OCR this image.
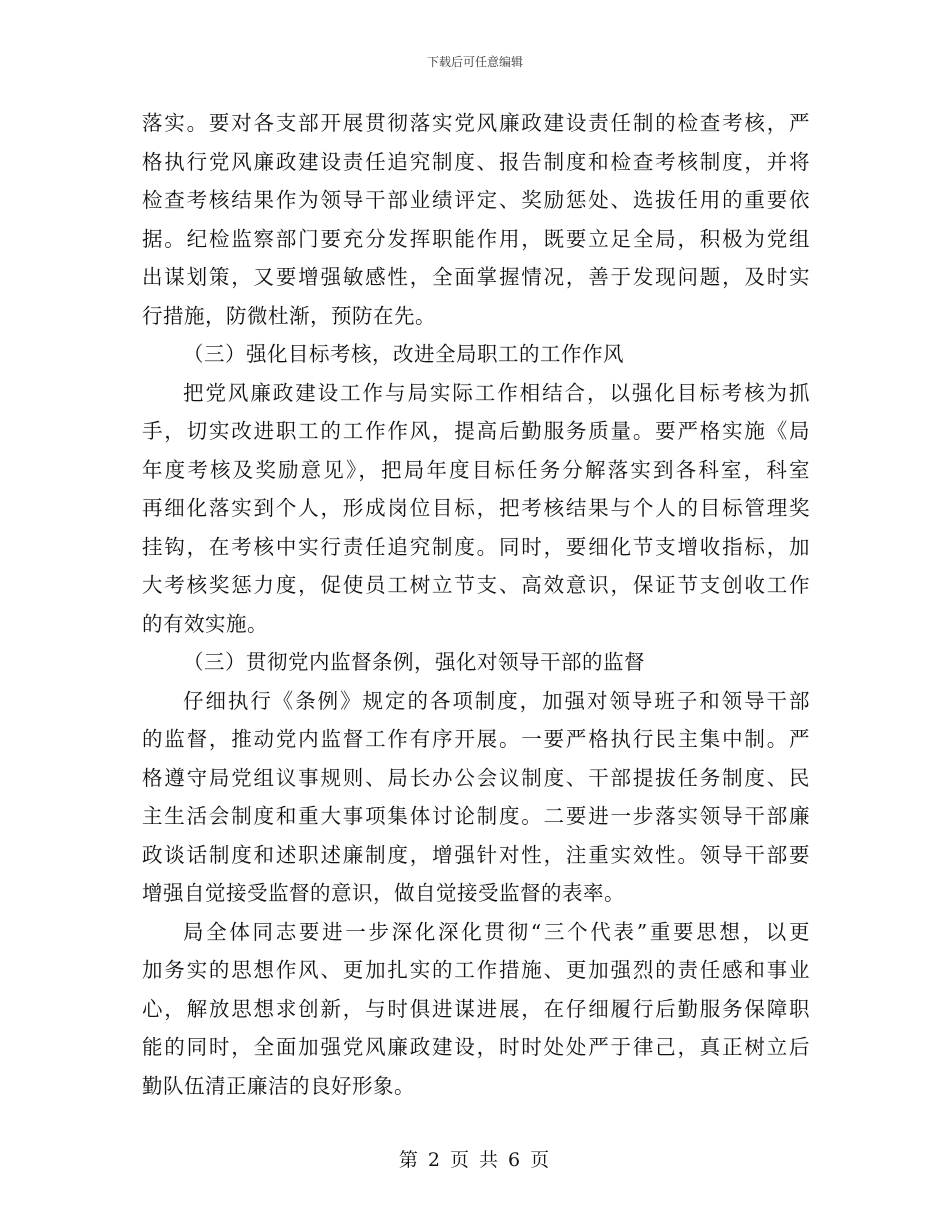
下载后可任意编辑
落实。要对各支部开展贯彻落实党风廉政建设责任制的检查考核，严
格执行党风廉政建设责任追究制度、报告制度和检查考核制度，并将
检查考核结果作为领导干部业绩评定、奖励惩处、选拔任用的重要依
据。纪检监察部门要充分发挥职能作用，既要立足全局，积极为党组
出谋划策，又要增强敏感性，全面掌握情况，善于发现问题，及时实
行措施，防微杜渐，预防在先。
（三）强化目标考核，改进全局职工的工作作风
把党风廉政建设工作与局实际工作相结合，以强化目标考核为抓
手，切实改进职工的工作作风，提高后勤服务质量。要严格实施《局
年度考核及奖励意见》，把局年度目标任务分解落实到各科室，科室
再细化落实到个人，形成岗位目标，把考核结果与个人的目标管理奖
挂钩，在考核中实行责任追究制度。同时，要细化节支增收指标，加
大考核奖惩力度，促使员工树立节支、高效意识，保证节支创收工作
的有效实施。
（三）贯彻党内监督条例，强化对领导干部的监督
仔细执行《条例》规定的各项制度，加强对领导班子和领导干部
的监督，推动党内监督工作有序开展。一要严格执行民主集中制。严
格遵守局党组议事规则、局长办公会议制度、干部提拔任务制度、民
主生活会制度和重大事项集体讨论制度。二要进一步落实领导干部廉
政谈话制度和述职述廉制度，增强针对性，注重实效性。领导干部要
增强自觉接受监督的意识，做自觉接受监督的表率。
局全体同志要进一步深化深化贯彻“三个代表”重要思想，以更
加务实的思想作风、更加扎实的工作措施、更加强烈的责任感和事业
心，解放思想求创新，与时俱进谋进展，在仔细履行后勤服务保障职
能的同时，全面加强党风廉政建设，时时处处严于律己，真正树立后
勤队伍清正廉洁的良好形象。
第 2 页 共 6 页
